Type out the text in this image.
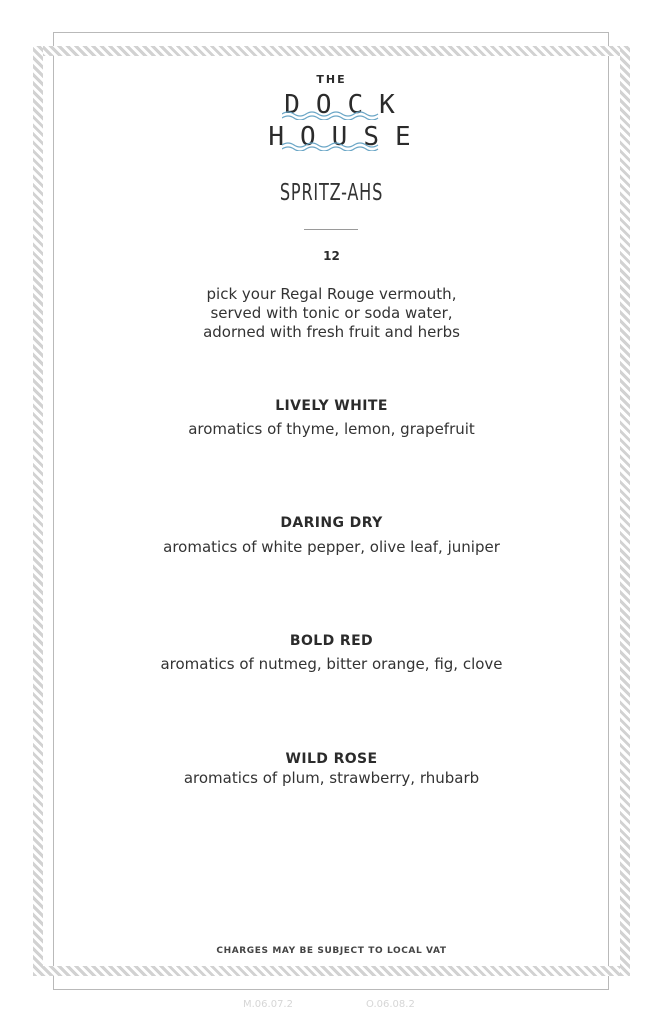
THE
DOCK
HOUSE
SPRITZ-AHS
12
pick your Regal Rouge vermouth,
served with tonic or soda water,
adorned with fresh fruit and herbs
LIVELY WHITE
aromatics of thyme, lemon, grapefruit
DARING DRY
aromatics of white pepper, olive leaf, juniper
BOLD RED
aromatics of nutmeg, bitter orange, fig, clove
WILD ROSE
aromatics of plum, strawberry, rhubarb
CHARGES MAY BE SUBJECT TO LOCAL VAT
M.06.07.2	O.06.08.2
